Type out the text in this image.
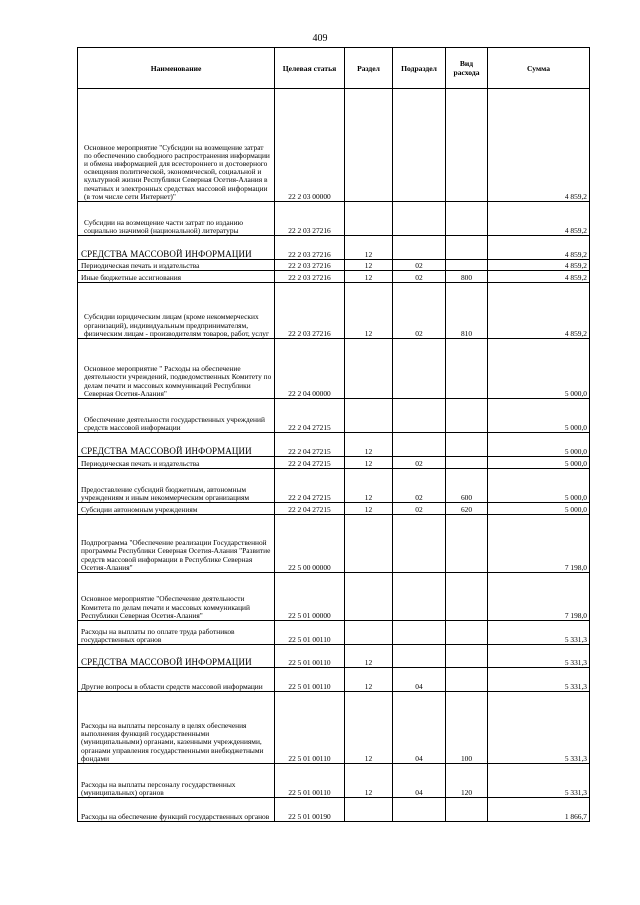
409
Наименование	Целевая статья	Раздел	Подраздел	Вид расхода	Сумма
Основное мероприятие "Субсидии на возмещение затрат по обеспечению свободного распространения информации и обмена информацией для всестороннего и достоверного освещения политической, экономической, социальной и культурной жизни Республики Северная Осетия-Алания в печатных и электронных средствах массовой информации (в том числе сети Интернет)"	22 2 03 00000				4 859,2
Субсидии на возмещение части затрат по изданию социально значимой (национальной) литературы	22 2 03 27216				4 859,2
СРЕДСТВА МАССОВОЙ ИНФОРМАЦИИ	22 2 03 27216	12			4 859,2
Периодическая печать и издательства	22 2 03 27216	12	02		4 859,2
Иные бюджетные ассигнования	22 2 03 27216	12	02	800	4 859,2
Субсидии юридическим лицам (кроме некоммерческих организаций), индивидуальным предпринимателям, физическим лицам - производителям товаров, работ, услуг	22 2 03 27216	12	02	810	4 859,2
Основное мероприятие " Расходы на обеспечение деятельности учреждений, подведомственных Комитету по делам печати и массовых коммуникаций Республики Северная Осетия-Алания"	22 2 04 00000				5 000,0
Обеспечение деятельности государственных учреждений средств массовой информации	22 2 04 27215				5 000,0
СРЕДСТВА МАССОВОЙ ИНФОРМАЦИИ	22 2 04 27215	12			5 000,0
Периодическая печать и издательства	22 2 04 27215	12	02		5 000,0
Предоставление субсидий бюджетным, автономным учреждениям и иным некоммерческим организациям	22 2 04 27215	12	02	600	5 000,0
Субсидии автономным учреждениям	22 2 04 27215	12	02	620	5 000,0
Подпрограмма "Обеспечение реализации Государственной программы Республики Северная Осетия-Алания "Развитие средств массовой информации в Республике Северная Осетия-Алания"	22 5 00 00000				7 198,0
Основное мероприятие "Обеспечение деятельности Комитета по делам печати и массовых коммуникаций Республики Северная Осетия-Алания"	22 5 01 00000				7 198,0
Расходы на выплаты по оплате труда работников государственных органов	22 5 01 00110				5 331,3
СРЕДСТВА МАССОВОЙ ИНФОРМАЦИИ	22 5 01 00110	12			5 331,3
Другие вопросы в области средств массовой информации	22 5 01 00110	12	04		5 331,3
Расходы на выплаты персоналу в целях обеспечения выполнения функций государственными (муниципальными) органами, казенными учреждениями, органами управления государственными внебюджетными фондами	22 5 01 00110	12	04	100	5 331,3
Расходы на выплаты персоналу государственных (муниципальных) органов	22 5 01 00110	12	04	120	5 331,3
Расходы на обеспечение функций государственных органов	22 5 01 00190				1 866,7
